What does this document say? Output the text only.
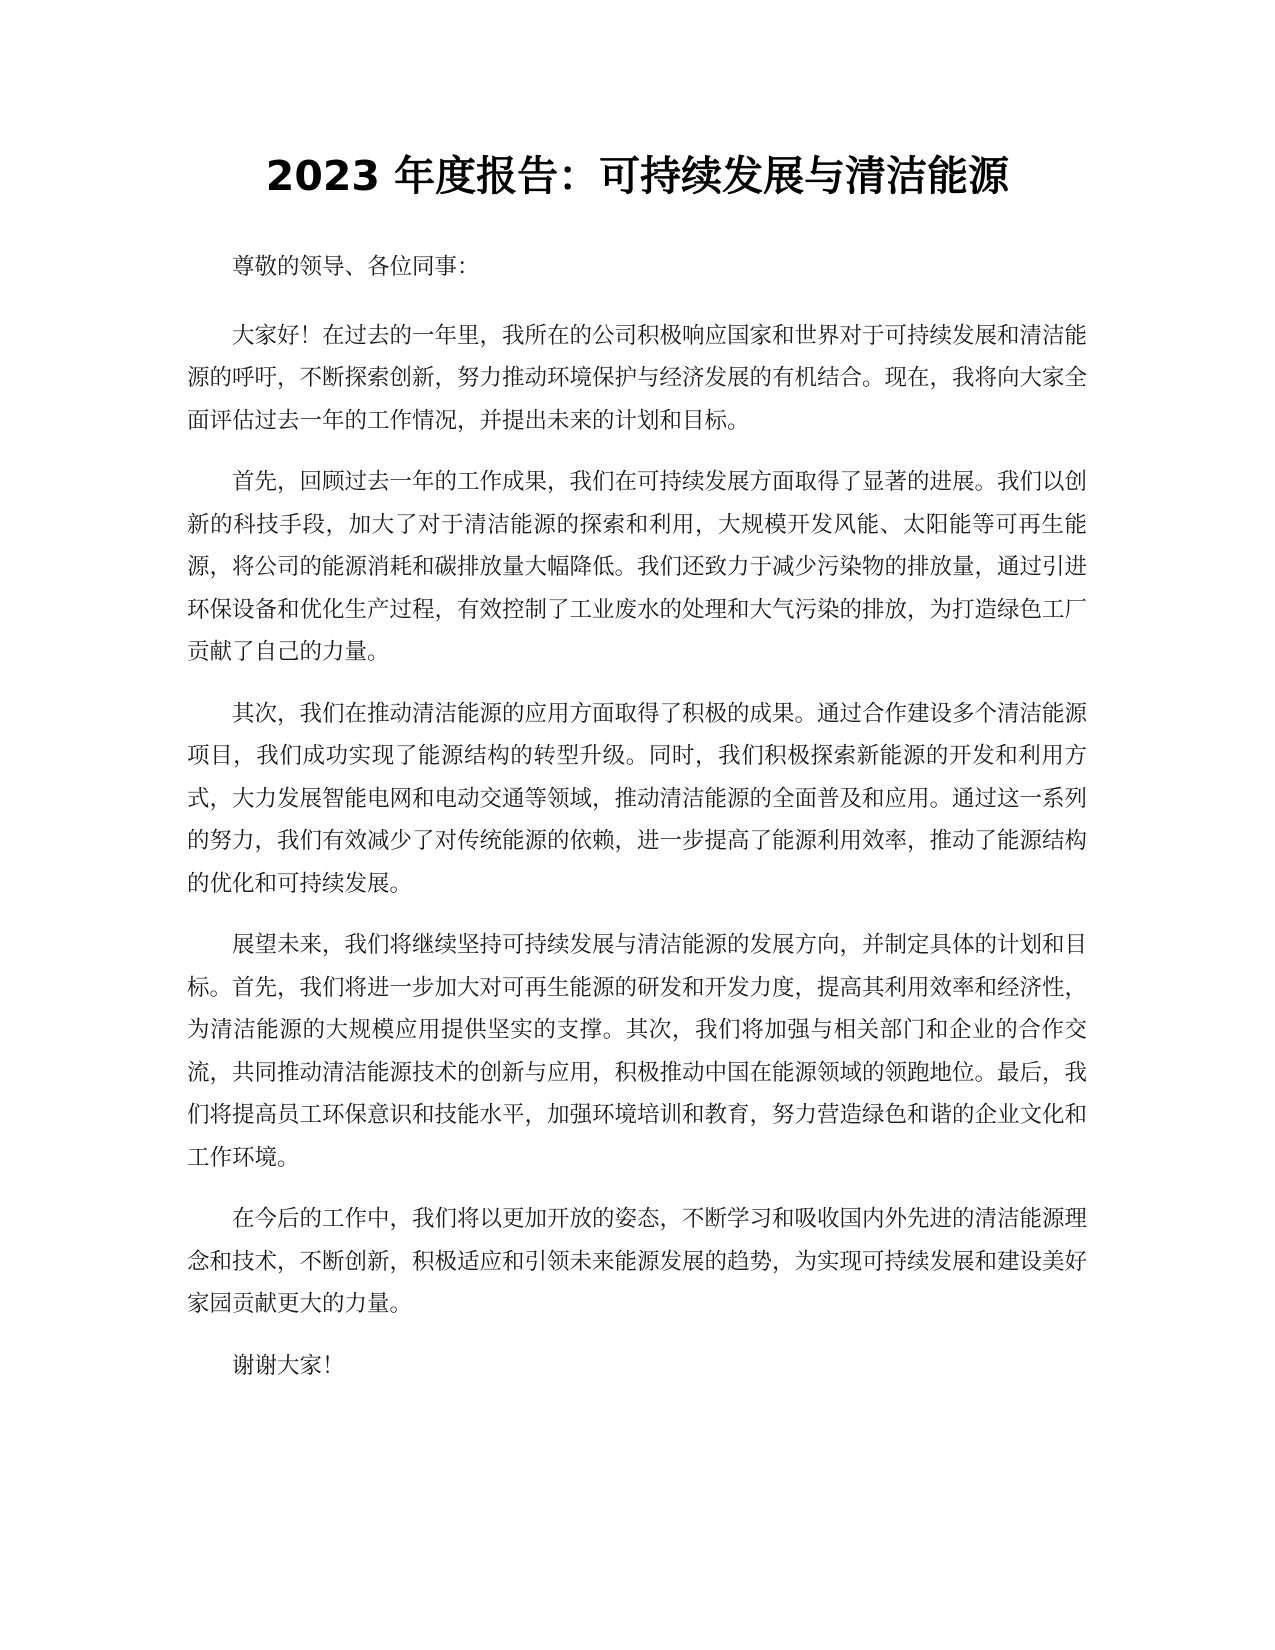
2023 年度报告：可持续发展与清洁能源

尊敬的领导、各位同事：

大家好！在过去的一年里，我所在的公司积极响应国家和世界对于可持续发展和清洁能源的呼吁，不断探索创新，努力推动环境保护与经济发展的有机结合。现在，我将向大家全面评估过去一年的工作情况，并提出未来的计划和目标。

首先，回顾过去一年的工作成果，我们在可持续发展方面取得了显著的进展。我们以创新的科技手段，加大了对于清洁能源的探索和利用，大规模开发风能、太阳能等可再生能源，将公司的能源消耗和碳排放量大幅降低。我们还致力于减少污染物的排放量，通过引进环保设备和优化生产过程，有效控制了工业废水的处理和大气污染的排放，为打造绿色工厂贡献了自己的力量。

其次，我们在推动清洁能源的应用方面取得了积极的成果。通过合作建设多个清洁能源项目，我们成功实现了能源结构的转型升级。同时，我们积极探索新能源的开发和利用方式，大力发展智能电网和电动交通等领域，推动清洁能源的全面普及和应用。通过这一系列的努力，我们有效减少了对传统能源的依赖，进一步提高了能源利用效率，推动了能源结构的优化和可持续发展。

展望未来，我们将继续坚持可持续发展与清洁能源的发展方向，并制定具体的计划和目标。首先，我们将进一步加大对可再生能源的研发和开发力度，提高其利用效率和经济性，为清洁能源的大规模应用提供坚实的支撑。其次，我们将加强与相关部门和企业的合作交流，共同推动清洁能源技术的创新与应用，积极推动中国在能源领域的领跑地位。最后，我们将提高员工环保意识和技能水平，加强环境培训和教育，努力营造绿色和谐的企业文化和工作环境。

在今后的工作中，我们将以更加开放的姿态，不断学习和吸收国内外先进的清洁能源理念和技术，不断创新，积极适应和引领未来能源发展的趋势，为实现可持续发展和建设美好家园贡献更大的力量。

谢谢大家！
